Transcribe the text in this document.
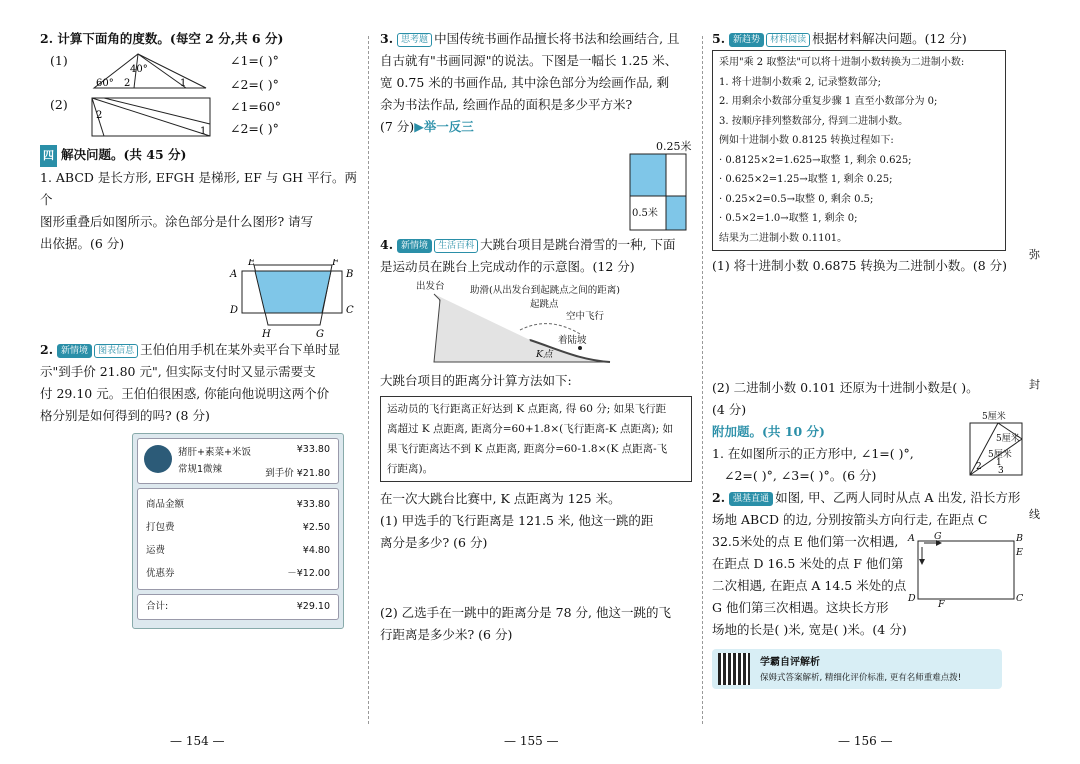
2. 计算下面角的度数。(每空 2 分,共 6 分)

(1)
40°
60° 2	1
∠1=( )°
∠2=( )°
(2)
2
1
∠1=60°
∠2=( )°

四 解决问题。(共 45 分)

1. ABCD 是长方形, EFGH 是梯形, EF 与 GH 平行。两个

图形重叠后如图所示。涂色部分是什么图形? 请写

出依据。(6 分)

E	F
A	B
D	C
H	G

2. 新情境 图表信息 王伯伯用手机在某外卖平台下单时显

示"到手价 21.80 元", 但实际支付时又显示需要支

付 29.10 元。王伯伯很困惑, 你能向他说明这两个价

格分别是如何得到的吗? (8 分)

猪肝+素菜+米饭
常规1微辣
¥33.80
到手价 ¥21.80
商品金额	¥33.80
打包费	¥2.50
运费	¥4.80
优惠券	－¥12.00
合计:	¥29.10
— 154 —

3. 思考题 中国传统书画作品擅长将书法和绘画结合, 且

自古就有"书画同源"的说法。下图是一幅长 1.25 米、

宽 0.75 米的书画作品, 其中涂色部分为绘画作品, 剩

余为书法作品, 绘画作品的面积是多少平方米?

(7 分)▶举一反三

0.25米
0.5米

4. 新情境 生活百科 大跳台项目是跳台滑雪的一种, 下面

是运动员在跳台上完成动作的示意图。(12 分)

出发台	助滑(从出发台到起跳点之间的距离)
起跳点
空中飞行
着陆坡
K点

大跳台项目的距离分计算方法如下:

运动员的飞行距离正好达到 K 点距离, 得 60 分; 如果飞行距
离超过 K 点距离, 距离分=60+1.8×(飞行距离-K 点距离); 如
果飞行距离达不到 K 点距离, 距离分=60-1.8×(K 点距离-飞
行距离)。

在一次大跳台比赛中, K 点距离为 125 米。

(1) 甲选手的飞行距离是 121.5 米, 他这一跳的距

离分是多少? (6 分)

(2) 乙选手在一跳中的距离分是 78 分, 他这一跳的飞

行距离是多少米? (6 分)

— 155 —

5. 新趋势 材料阅读 根据材料解决问题。(12 分)

采用"乘 2 取整法"可以将十进制小数转换为二进制小数:
1. 将十进制小数乘 2, 记录整数部分;
2. 用剩余小数部分重复步骤 1 直至小数部分为 0;
3. 按顺序排列整数部分, 得到二进制小数。
例如十进制小数 0.8125 转换过程如下:
· 0.8125×2=1.625→取整 1, 剩余 0.625;
· 0.625×2=1.25→取整 1, 剩余 0.25;
· 0.25×2=0.5→取整 0, 剩余 0.5;
· 0.5×2=1.0→取整 1, 剩余 0;
结果为二进制小数 0.1101。

(1) 将十进制小数 0.6875 转换为二进制小数。(8 分)

(2) 二进制小数 0.101 还原为十进制小数是( )。

(4 分)

附加题。(共 10 分)

1. 在如图所示的正方形中, ∠1=( )°,

∠2=( )°, ∠3=( )°。(6 分)

5厘米
1
2 3
5厘米
5厘米

2. 强基直通 如图, 甲、乙两人同时从点 A 出发, 沿长方形

场地 ABCD 的边, 分别按箭头方向行走, 在距点 C

32.5米处的点 E 他们第一次相遇,

在距点 D 16.5 米处的点 F 他们第

二次相遇, 在距点 A 14.5 米处的点

G 他们第三次相遇。这块长方形

场地的长是( )米, 宽是( )米。(4 分)

A G	B
E
D
F
C
学霸自评解析
保姆式答案解析, 精细化评价标准, 更有名师重难点拨!
— 156 —
弥
封
线
